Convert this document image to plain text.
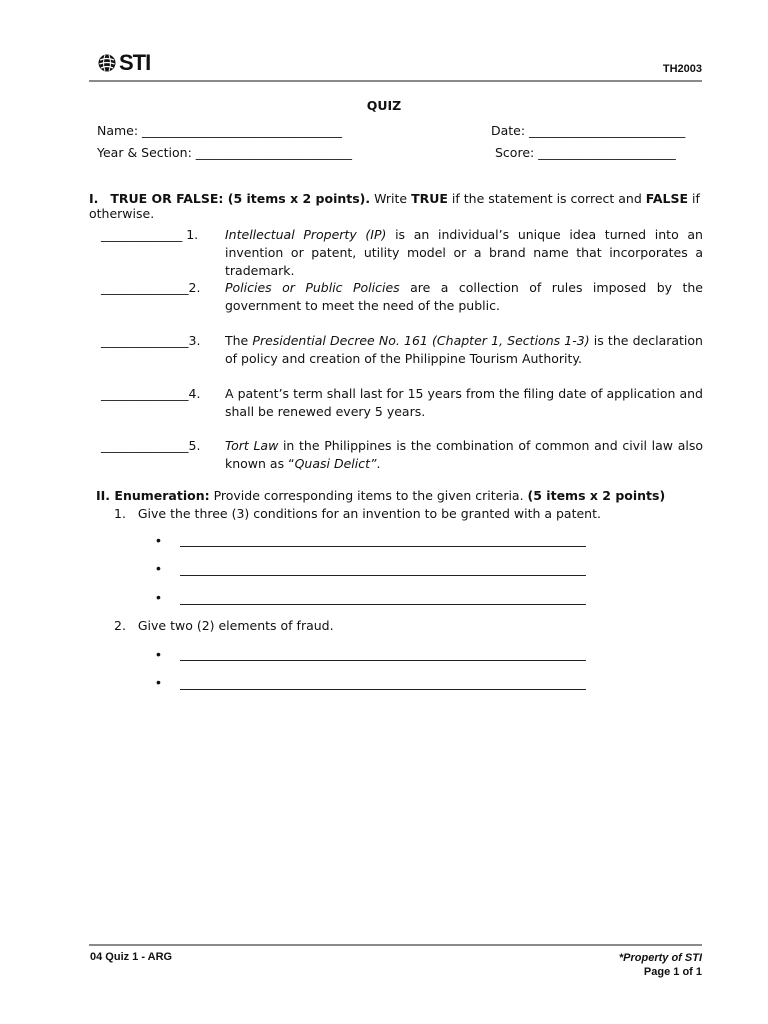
STI	TH2003
QUIZ
Name: ________________________________	Date: _________________________
Year & Section: _________________________	Score: ______________________
I. TRUE OR FALSE: (5 items x 2 points). Write TRUE if the statement is correct and FALSE if otherwise.
_____________ 1. Intellectual Property (IP) is an individual’s unique idea turned into an invention or patent, utility model or a brand name that incorporates a trademark.
______________2. Policies or Public Policies are a collection of rules imposed by the government to meet the need of the public.
______________3. The Presidential Decree No. 161 (Chapter 1, Sections 1-3) is the declaration of policy and creation of the Philippine Tourism Authority.
______________4. A patent’s term shall last for 15 years from the filing date of application and shall be renewed every 5 years.
______________5. Tort Law in the Philippines is the combination of common and civil law also known as “Quasi Delict”.
II. Enumeration: Provide corresponding items to the given criteria. (5 items x 2 points)
1.   Give the three (3) conditions for an invention to be granted with a patent.
•
•
•
2.   Give two (2) elements of fraud.
•
•
04 Quiz 1 - ARG	*Property of STI
Page 1 of 1
